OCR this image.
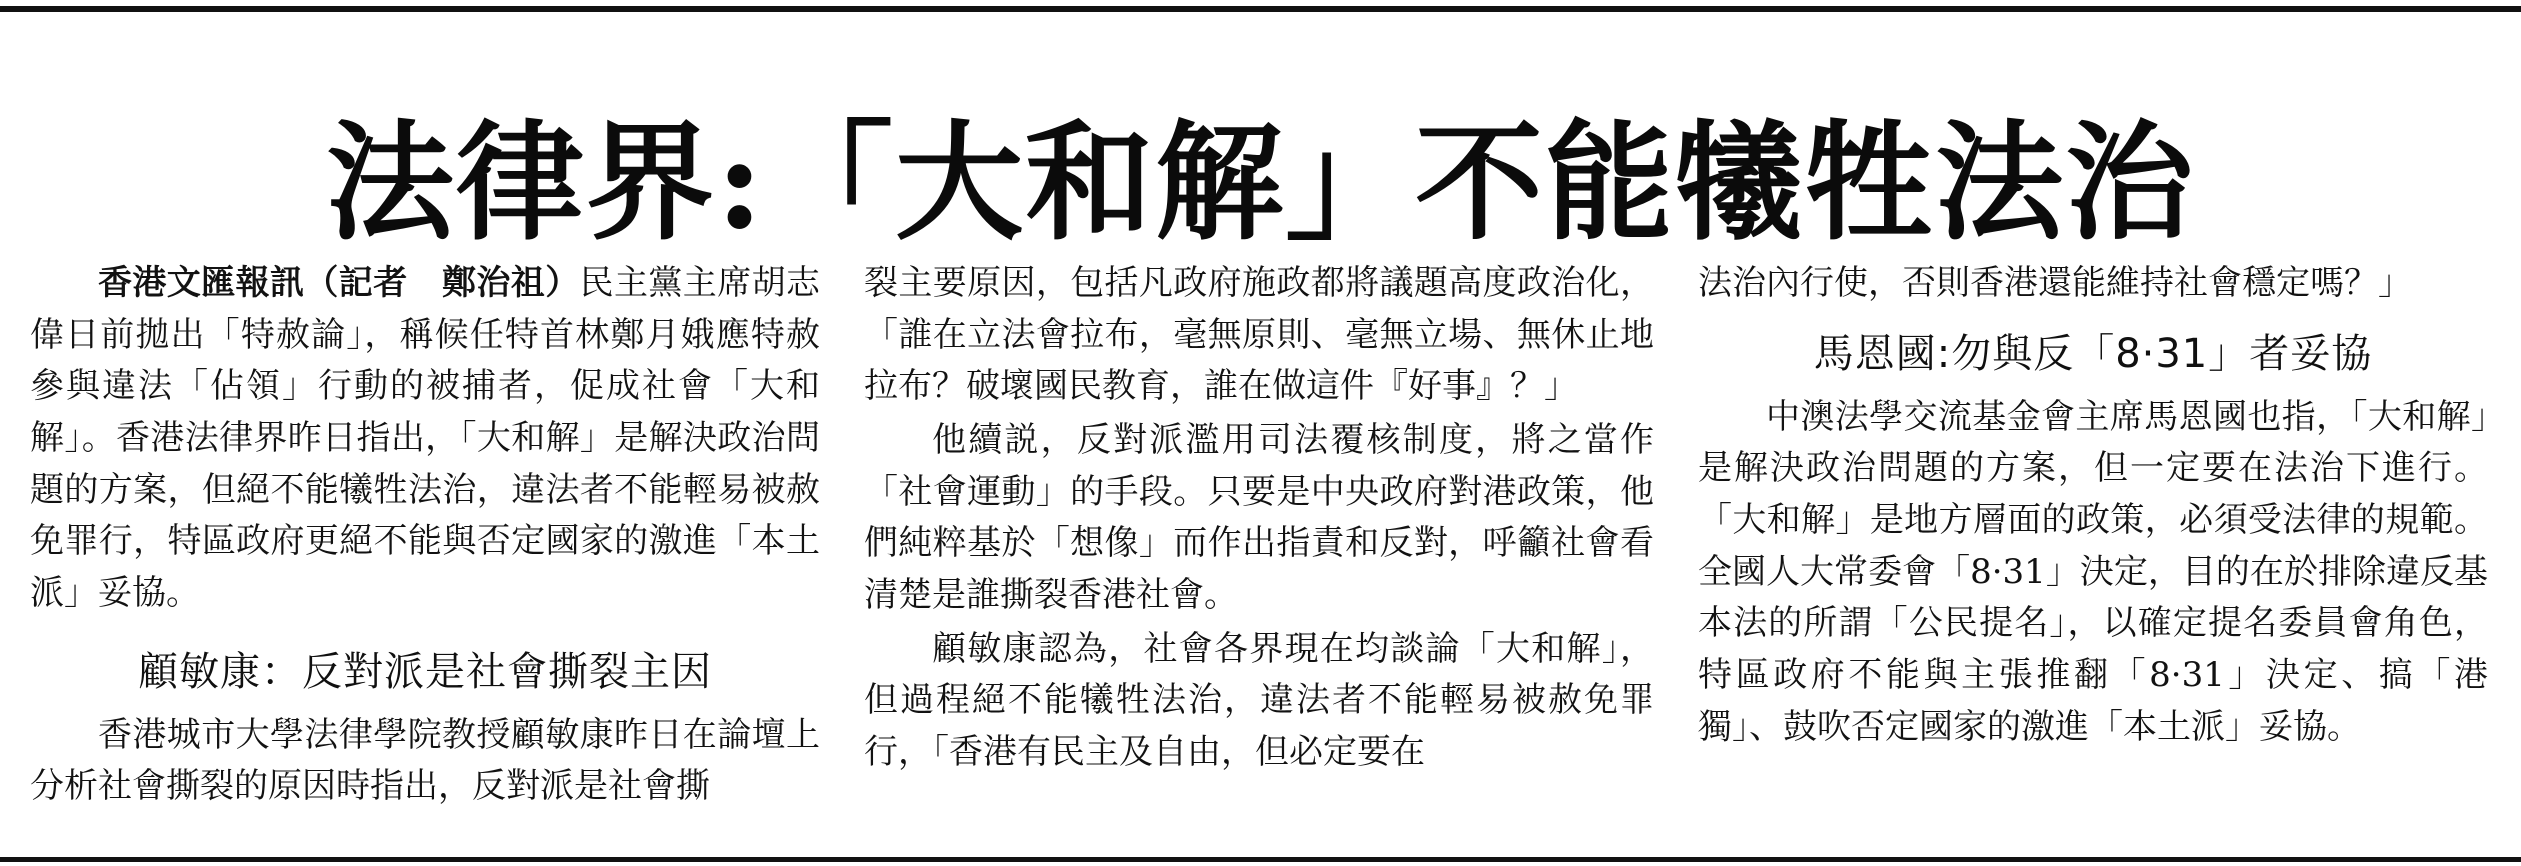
法律界:「大和解」不能犧牲法治

香港文匯報訊（記者　鄭治祖）民主黨主席胡志偉日前拋出「特赦論」，稱候任特首林鄭月娥應特赦參與違法「佔領」行動的被捕者，促成社會「大和解」。香港法律界昨日指出，「大和解」是解決政治問題的方案，但絕不能犧牲法治，違法者不能輕易被赦免罪行，特區政府更絕不能與否定國家的激進「本土派」妥協。

顧敏康：反對派是社會撕裂主因

香港城市大學法律學院教授顧敏康昨日在論壇上分析社會撕裂的原因時指出，反對派是社會撕

裂主要原因，包括凡政府施政都將議題高度政治化，「誰在立法會拉布，毫無原則、毫無立場、無休止地拉布？破壞國民教育，誰在做這件『好事』？」

他續説，反對派濫用司法覆核制度，將之當作「社會運動」的手段。只要是中央政府對港政策，他們純粹基於「想像」而作出指責和反對，呼籲社會看清楚是誰撕裂香港社會。

顧敏康認為，社會各界現在均談論「大和解」，但過程絕不能犧牲法治，違法者不能輕易被赦免罪行，「香港有民主及自由，但必定要在

法治內行使，否則香港還能維持社會穩定嗎？」

馬恩國:勿與反「8·31」者妥協

中澳法學交流基金會主席馬恩國也指，「大和解」是解決政治問題的方案，但一定要在法治下進行。「大和解」是地方層面的政策，必須受法律的規範。全國人大常委會「8·31」決定，目的在於排除違反基本法的所謂「公民提名」，以確定提名委員會角色，特區政府不能與主張推翻「8·31」決定、搞「港獨」、鼓吹否定國家的激進「本土派」妥協。
